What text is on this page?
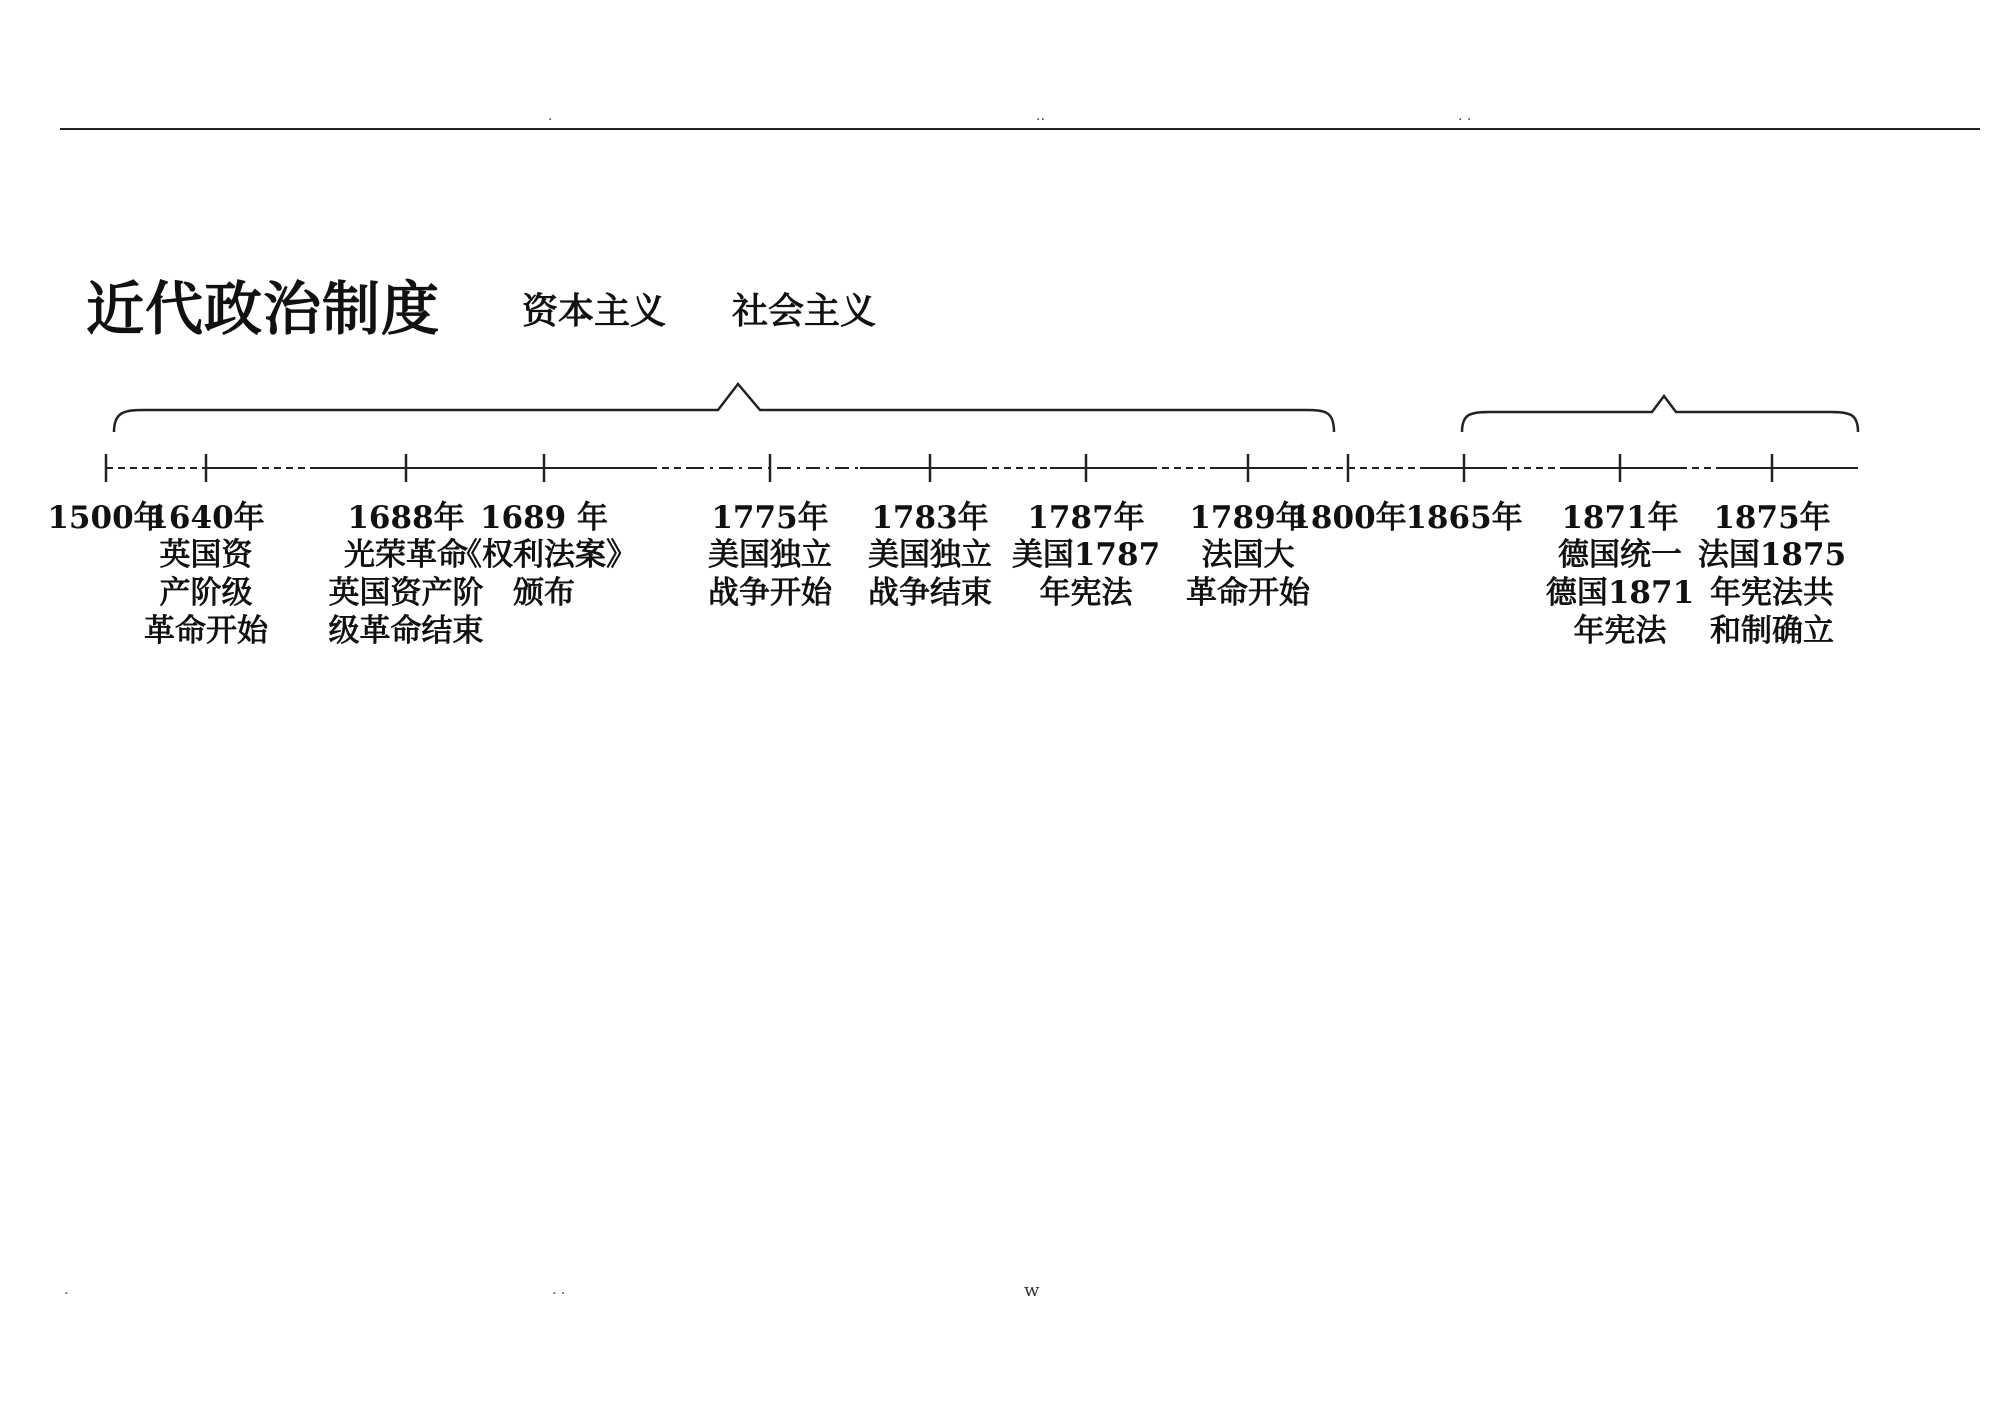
.	..	. .
.	. .	w
近代政治制度 资本主义 社会主义
1500年
1640年
英国资
产阶级
革命开始
1688年
光荣革命
英国资产阶
级革命结束
1689 年
《权利法案》
颁布
1775年
美国独立
战争开始
1783年
美国独立
战争结束
1787年
美国1787
年宪法
1789年
法国大
革命开始
1800年
1865年	1871年
德国统一
德国1871
年宪法
1875年
法国1875
年宪法共
和制确立
